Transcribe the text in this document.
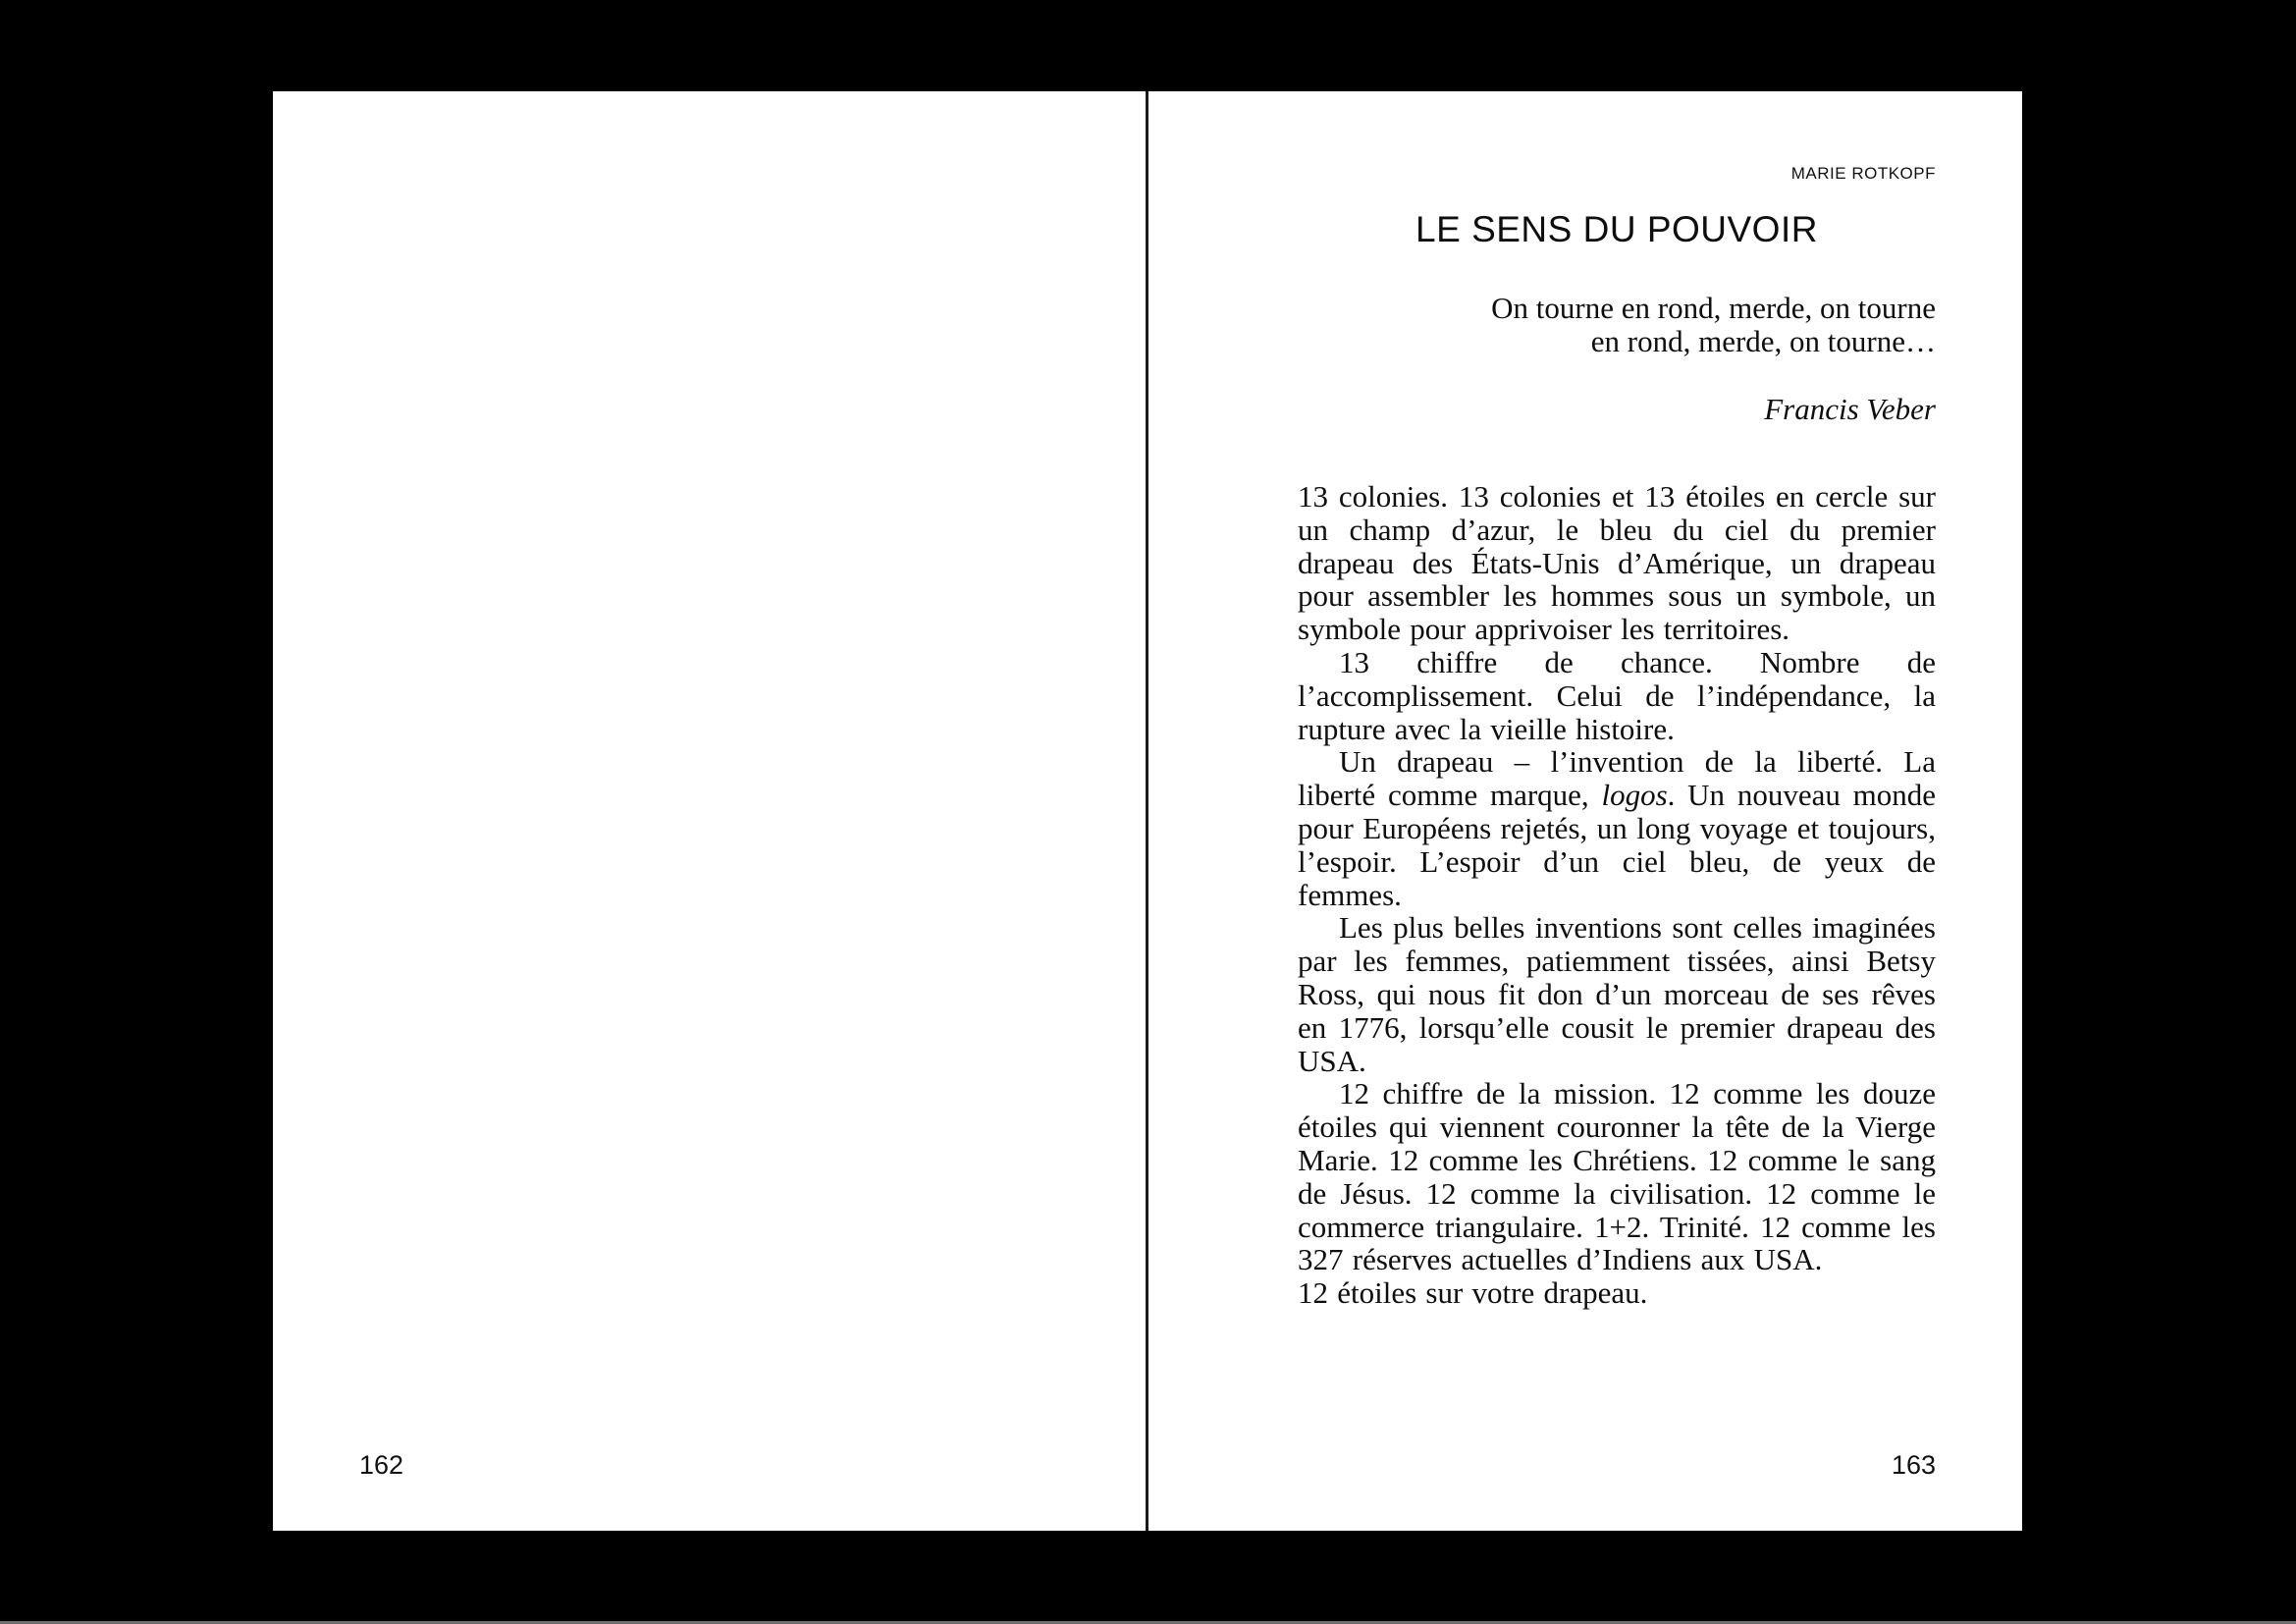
162
MARIE ROTKOPF
LE SENS DU POUVOIR
On tourne en rond, merde, on tourne
en rond, merde, on tourne…
Francis Veber

13 colonies. 13 colonies et 13 étoiles en cercle sur un champ d’azur, le bleu du ciel du premier drapeau des États-Unis d’Amérique, un drapeau pour assembler les hommes sous un symbole, un symbole pour apprivoiser les territoires.

13 chiffre de chance. Nombre de l’accomplissement. Celui de l’indépendance, la rupture avec la vieille histoire.

Un drapeau – l’invention de la liberté. La liberté comme marque, logos. Un nouveau monde pour Européens rejetés, un long voyage et toujours, l’espoir. L’espoir d’un ciel bleu, de yeux de femmes.

Les plus belles inventions sont celles imaginées par les femmes, patiemment tissées, ainsi Betsy Ross, qui nous fit don d’un morceau de ses rêves en 1776, lorsqu’elle cousit le premier drapeau des USA.

12 chiffre de la mission. 12 comme les douze étoiles qui viennent couronner la tête de la Vierge Marie. 12 comme les Chrétiens. 12 comme le sang de Jésus. 12 comme la civilisation. 12 comme le commerce triangulaire. 1+2. Trinité. 12 comme les 327 réserves actuelles d’Indiens aux USA.

12 étoiles sur votre drapeau.

163
